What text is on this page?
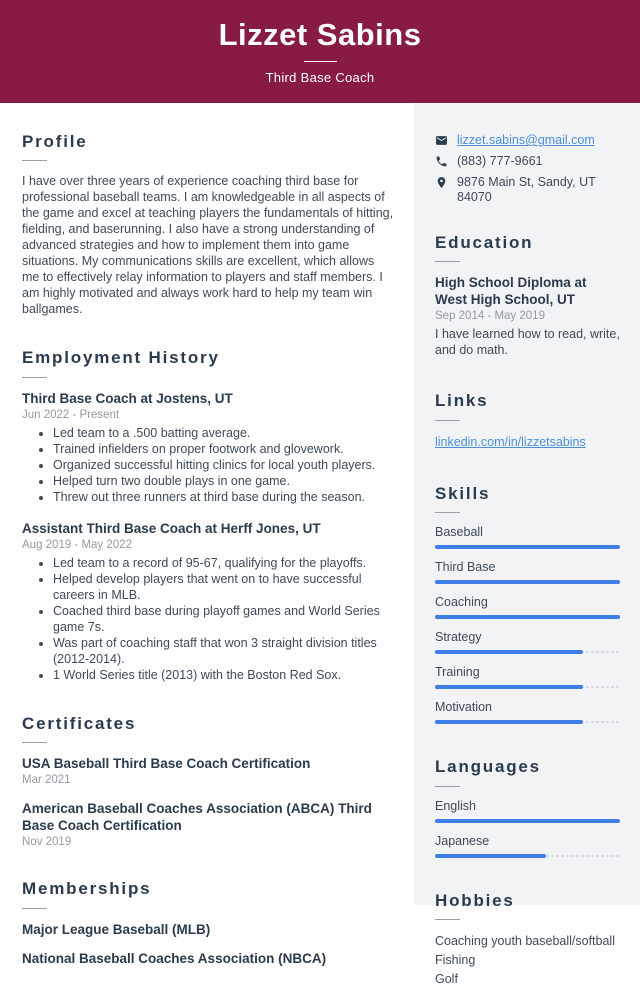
Lizzet Sabins
Third Base Coach
Profile

I have over three years of experience coaching third base for professional baseball teams. I am knowledgeable in all aspects of the game and excel at teaching players the fundamentals of hitting, fielding, and baserunning. I also have a strong understanding of advanced strategies and how to implement them into game situations. My communications skills are excellent, which allows me to effectively relay information to players and staff members. I am highly motivated and always work hard to help my team win ballgames.

Employment History
Third Base Coach at Jostens, UT
Jun 2022 - Present
• Led team to a .500 batting average.
• Trained infielders on proper footwork and glovework.
• Organized successful hitting clinics for local youth players.
• Helped turn two double plays in one game.
• Threw out three runners at third base during the season.
Assistant Third Base Coach at Herff Jones, UT
Aug 2019 - May 2022
• Led team to a record of 95-67, qualifying for the playoffs.
• Helped develop players that went on to have successful careers in MLB.
• Coached third base during playoff games and World Series game 7s.
• Was part of coaching staff that won 3 straight division titles (2012-2014).
• 1 World Series title (2013) with the Boston Red Sox.
Certificates
USA Baseball Third Base Coach Certification
Mar 2021
American Baseball Coaches Association (ABCA) Third Base Coach Certification
Nov 2019
Memberships
Major League Baseball (MLB)
National Baseball Coaches Association (NBCA)
lizzet.sabins@gmail.com
(883) 777-9661
9876 Main St, Sandy, UT 84070
Education
High School Diploma at West High School, UT
Sep 2014 - May 2019

I have learned how to read, write, and do math.

Links
linkedin.com/in/lizzetsabins
Skills
Baseball
Third Base
Coaching
Strategy
Training
Motivation
Languages
English
Japanese
Hobbies
Coaching youth baseball/softball
Fishing
Golf
